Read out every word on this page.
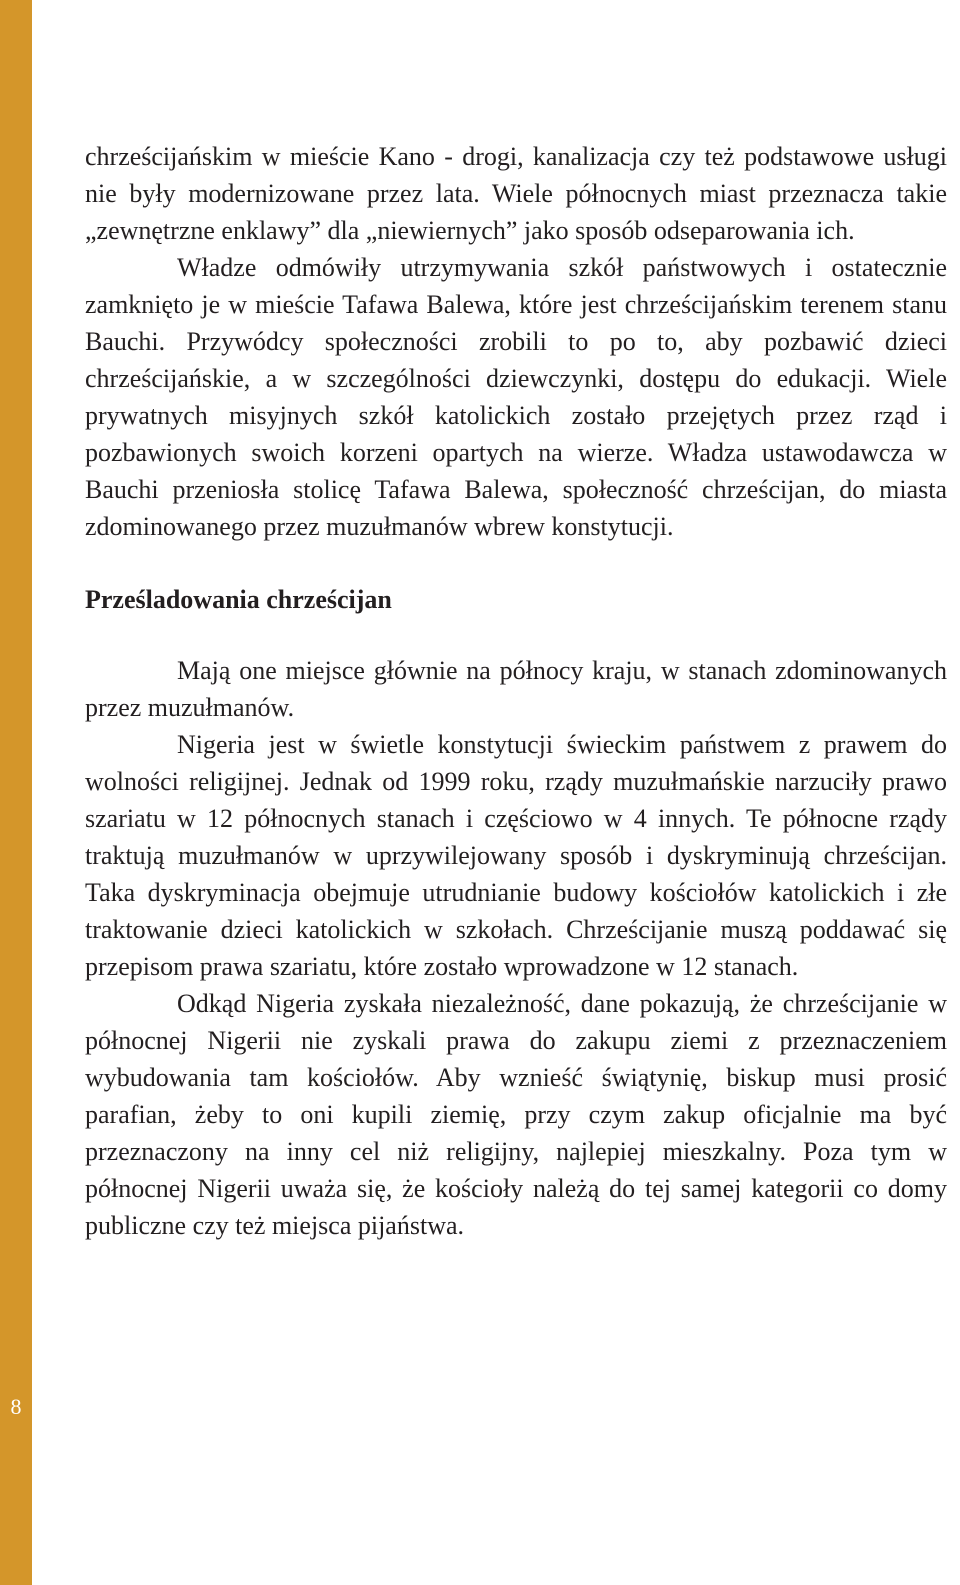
8

chrześcijańskim w mieście Kano - drogi, kanalizacja czy też podstawowe usługi nie były modernizowane przez lata. Wiele północnych miast przeznacza takie „zewnętrzne enklawy” dla „niewiernych” jako sposób odseparowania ich.

Władze odmówiły utrzymywania szkół państwowych i ostatecznie zamknięto je w mieście Tafawa Balewa, które jest chrześcijańskim terenem stanu Bauchi. Przywódcy społeczności zrobili to po to, aby pozbawić dzieci chrześcijańskie, a w szczególności dziewczynki, dostępu do edukacji. Wiele prywatnych misyjnych szkół katolickich zostało przejętych przez rząd i pozbawionych swoich korzeni opartych na wierze. Władza ustawodawcza w Bauchi przeniosła stolicę Tafawa Balewa, społeczność chrześcijan, do miasta zdominowanego przez muzułmanów wbrew konstytucji.

Prześladowania chrześcijan

Mają one miejsce głównie na północy kraju, w stanach zdominowanych przez muzułmanów.

Nigeria jest w świetle konstytucji świeckim państwem z prawem do wolności religijnej. Jednak od 1999 roku, rządy muzułmańskie narzuciły prawo szariatu w 12 północnych stanach i częściowo w 4 innych. Te północne rządy traktują muzułmanów w uprzywilejowany sposób i dyskryminują chrześcijan. Taka dyskryminacja obejmuje utrudnianie budowy kościołów katolickich i złe traktowanie dzieci katolickich w szkołach. Chrześcijanie muszą poddawać się przepisom prawa szariatu, które zostało wprowadzone w 12 stanach.

Odkąd Nigeria zyskała niezależność, dane pokazują, że chrześcijanie w północnej Nigerii nie zyskali prawa do zakupu ziemi z przeznaczeniem wybudowania tam kościołów. Aby wznieść świątynię, biskup musi prosić parafian, żeby to oni kupili ziemię, przy czym zakup oficjalnie ma być przeznaczony na inny cel niż religijny, najlepiej mieszkalny. Poza tym w północnej Nigerii uważa się, że kościoły należą do tej samej kategorii co domy publiczne czy też miejsca pijaństwa.
